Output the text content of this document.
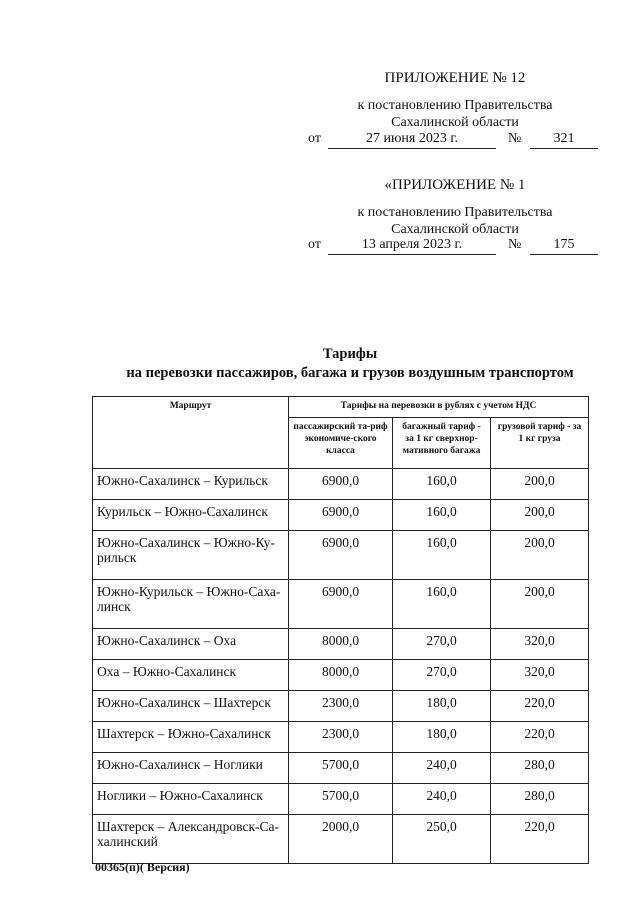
ПРИЛОЖЕНИЕ № 12
к постановлению Правительства
Сахалинской области
от	27 июня 2023 г.	№	321
«ПРИЛОЖЕНИЕ № 1
к постановлению Правительства
Сахалинской области
от	13 апреля 2023 г.	№	175
Тарифы
на перевозки пассажиров, багажа и грузов воздушным транспортом
Маршрут	Тарифы на перевозки в рублях с учетом НДС		
	пассажирский та-риф экономиче-ского класса	багажный тариф - за 1 кг сверхнор-мативного багажа	грузовой тариф - за 1 кг груза
Южно-Сахалинск – Курильск	6900,0	160,0	200,0
Курильск – Южно-Сахалинск	6900,0	160,0	200,0
Южно-Сахалинск – Южно-Ку-рильск	6900,0	160,0	200,0
Южно-Курильск – Южно-Саха-линск	6900,0	160,0	200,0
Южно-Сахалинск – Оха	8000,0	270,0	320,0
Оха – Южно-Сахалинск	8000,0	270,0	320,0
Южно-Сахалинск – Шахтерск	2300,0	180,0	220,0
Шахтерск – Южно-Сахалинск	2300,0	180,0	220,0
Южно-Сахалинск – Ноглики	5700,0	240,0	280,0
Ноглики – Южно-Сахалинск	5700,0	240,0	280,0
Шахтерск – Александровск-Са-халинский	2000,0	250,0	220,0
00365(п)( Версия)
